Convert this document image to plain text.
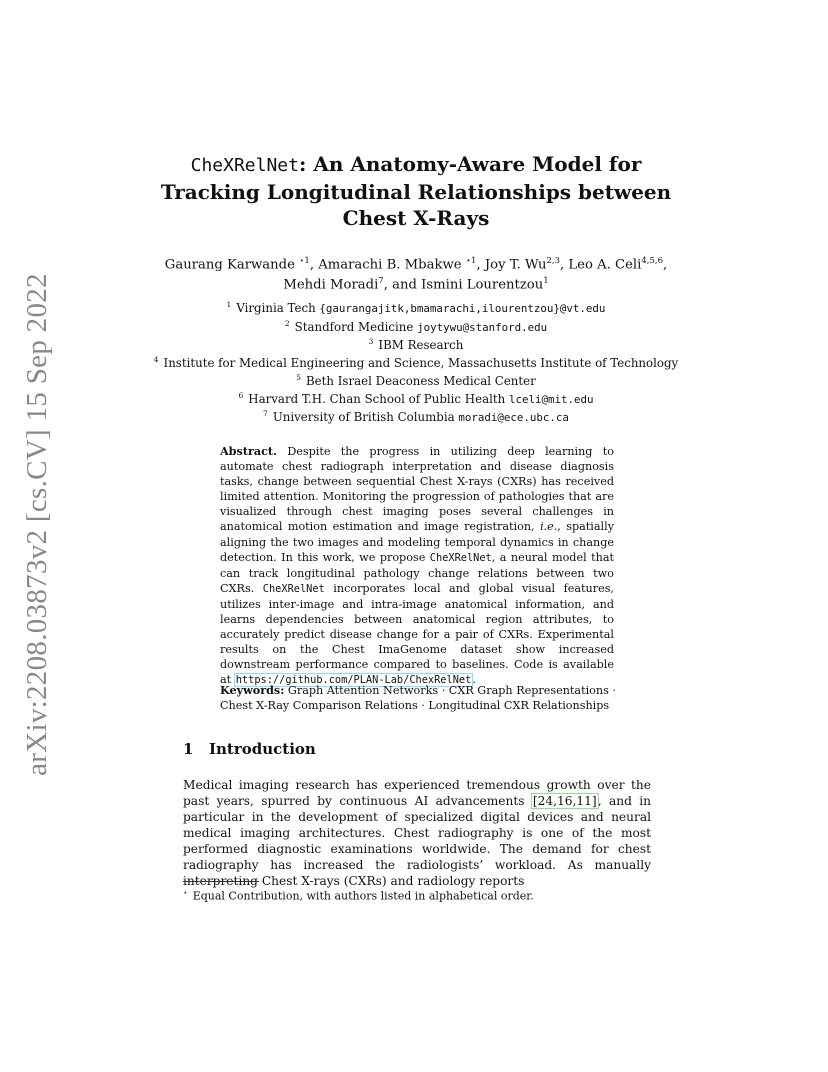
arXiv:2208.03873v2 [cs.CV] 15 Sep 2022
CheXRelNet: An Anatomy-Aware Model for
Tracking Longitudinal Relationships between
Chest X-Rays
Gaurang Karwande $^{⋆1}$, Amarachi B. Mbakwe $^{⋆1}$, Joy T. Wu$^{2,3}$, Leo A. Celi$^{4,5,6}$,
Mehdi Moradi$^7$, and Ismini Lourentzou$^1$
$^1$ Virginia Tech {gaurangajitk,bmamarachi,ilourentzou}@vt.edu
$^2$ Standford Medicine joytywu@stanford.edu
$^3$ IBM Research
$^4$ Institute for Medical Engineering and Science, Massachusetts Institute of Technology
$^5$ Beth Israel Deaconess Medical Center
$^6$ Harvard T.H. Chan School of Public Health lceli@mit.edu
$^7$ University of British Columbia moradi@ece.ubc.ca
Abstract. Despite the progress in utilizing deep learning to automate chest radiograph interpretation and disease diagnosis tasks, change between sequential Chest X-rays (CXRs) has received limited attention. Monitoring the progression of pathologies that are visualized through chest imaging poses several challenges in anatomical motion estimation and image registration, i.e., spatially aligning the two images and modeling temporal dynamics in change detection. In this work, we propose CheXRelNet, a neural model that can track longitudinal pathology change relations between two CXRs. CheXRelNet incorporates local and global visual features, utilizes inter-image and intra-image anatomical information, and learns dependencies between anatomical region attributes, to accurately predict disease change for a pair of CXRs. Experimental results on the Chest ImaGenome dataset show increased downstream performance compared to baselines. Code is available at https://github.com/PLAN-Lab/ChexRelNet.
Keywords: Graph Attention Networks · CXR Graph Representations · Chest X-Ray Comparison Relations · Longitudinal CXR Relationships
1 Introduction
Medical imaging research has experienced tremendous growth over the past years, spurred by continuous AI advancements [24,16,11], and in particular in the development of specialized digital devices and neural medical imaging architectures. Chest radiography is one of the most performed diagnostic examinations worldwide. The demand for chest radiography has increased the radiologists’ workload. As manually interpreting Chest X-rays (CXRs) and radiology reports
⋆ Equal Contribution, with authors listed in alphabetical order.
